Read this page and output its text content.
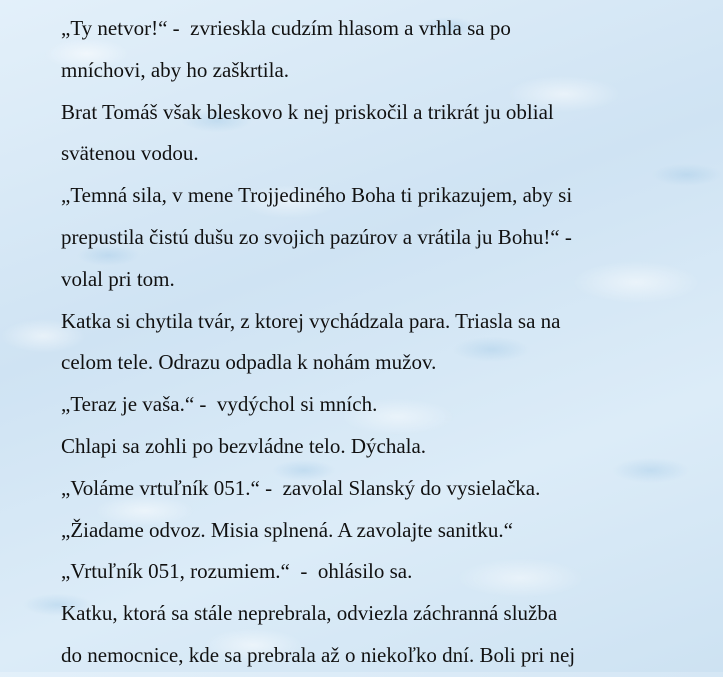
„Ty netvor!“ -  zvrieskla cudzím hlasom a vrhla sa po
mníchovi, aby ho zaškrtila.
Brat Tomáš však bleskovo k nej priskočil a trikrát ju oblial
svätenou vodou.
„Temná sila, v mene Trojjediného Boha ti prikazujem, aby si
prepustila čistú dušu zo svojich pazúrov a vrátila ju Bohu!“ -
volal pri tom.
Katka si chytila tvár, z ktorej vychádzala para. Triasla sa na
celom tele. Odrazu odpadla k nohám mužov.
„Teraz je vaša.“ -  vydýchol si mních.
Chlapi sa zohli po bezvládne telo. Dýchala.
„Voláme vrtuľník 051.“ -  zavolal Slanský do vysielačka.
„Žiadame odvoz. Misia splnená. A zavolajte sanitku.“
„Vrtuľník 051, rozumiem.“  -  ohlásilo sa.
Katku, ktorá sa stále neprebrala, odviezla záchranná služba
do nemocnice, kde sa prebrala až o niekoľko dní. Boli pri nej
